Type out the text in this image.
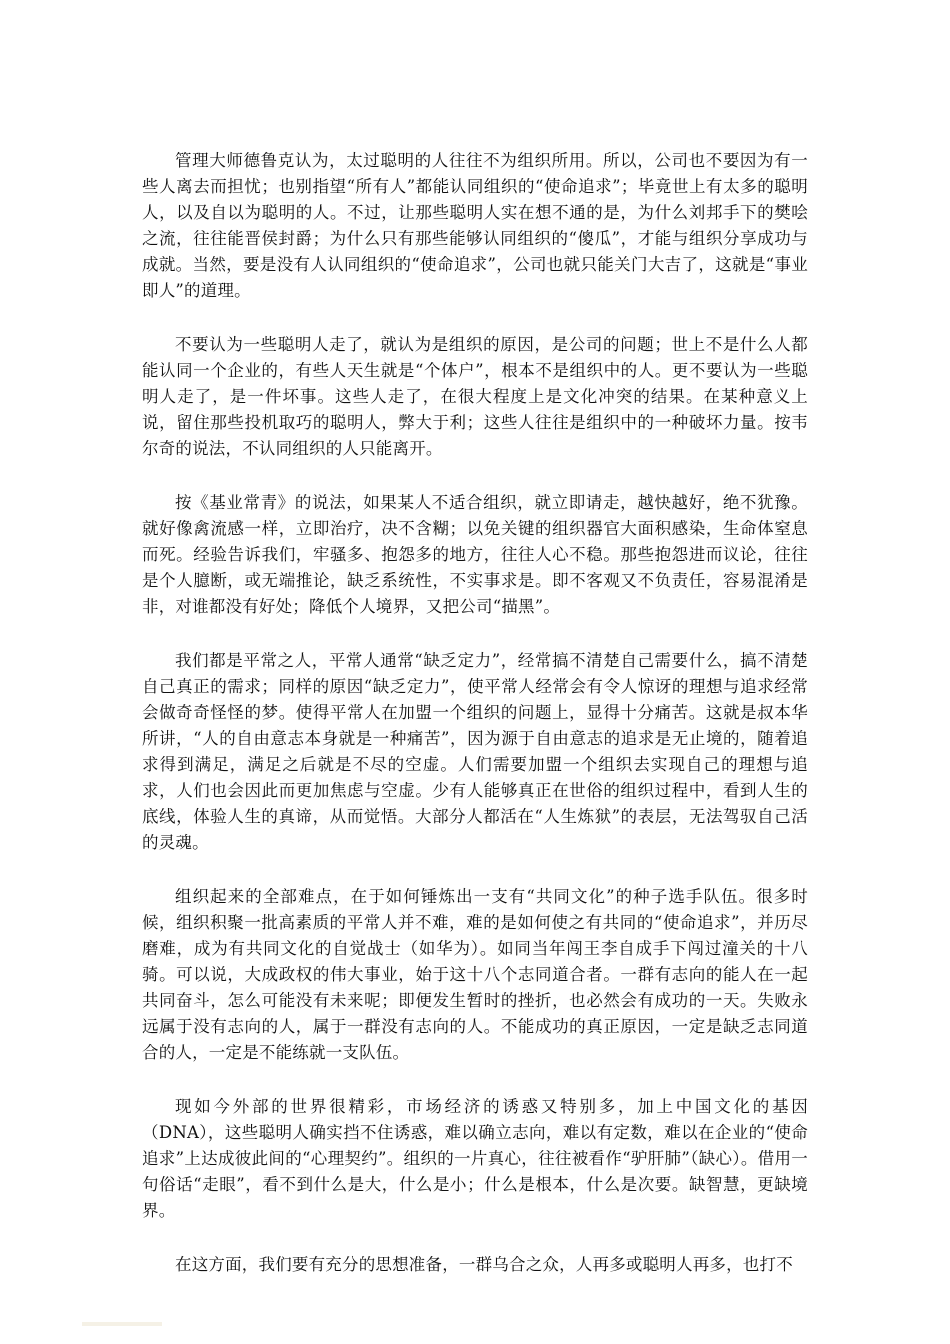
管理大师德鲁克认为，太过聪明的人往往不为组织所用。所以，公司也不要因为有一些人离去而担忧；也别指望“所有人”都能认同组织的“使命追求”；毕竟世上有太多的聪明人，以及自以为聪明的人。不过，让那些聪明人实在想不通的是，为什么刘邦手下的樊哙之流，往往能晋侯封爵；为什么只有那些能够认同组织的“傻瓜”，才能与组织分享成功与成就。当然，要是没有人认同组织的“使命追求”，公司也就只能关门大吉了，这就是“事业即人”的道理。

不要认为一些聪明人走了，就认为是组织的原因，是公司的问题；世上不是什么人都能认同一个企业的，有些人天生就是“个体户”，根本不是组织中的人。更不要认为一些聪明人走了，是一件坏事。这些人走了，在很大程度上是文化冲突的结果。在某种意义上说，留住那些投机取巧的聪明人，弊大于利；这些人往往是组织中的一种破坏力量。按韦尔奇的说法，不认同组织的人只能离开。

按《基业常青》的说法，如果某人不适合组织，就立即请走，越快越好，绝不犹豫。就好像禽流感一样，立即治疗，决不含糊；以免关键的组织器官大面积感染，生命体窒息而死。经验告诉我们，牢骚多、抱怨多的地方，往往人心不稳。那些抱怨进而议论，往往是个人臆断，或无端推论，缺乏系统性，不实事求是。即不客观又不负责任，容易混淆是非，对谁都没有好处；降低个人境界，又把公司“描黑”。

我们都是平常之人，平常人通常“缺乏定力”，经常搞不清楚自己需要什么，搞不清楚自己真正的需求；同样的原因“缺乏定力”，使平常人经常会有令人惊讶的理想与追求经常会做奇奇怪怪的梦。使得平常人在加盟一个组织的问题上，显得十分痛苦。这就是叔本华所讲，“人的自由意志本身就是一种痛苦”，因为源于自由意志的追求是无止境的，随着追求得到满足，满足之后就是不尽的空虚。人们需要加盟一个组织去实现自己的理想与追求，人们也会因此而更加焦虑与空虚。少有人能够真正在世俗的组织过程中，看到人生的底线，体验人生的真谛，从而觉悟。大部分人都活在“人生炼狱”的表层，无法驾驭自己活的灵魂。

组织起来的全部难点，在于如何锤炼出一支有“共同文化”的种子选手队伍。很多时候，组织积聚一批高素质的平常人并不难，难的是如何使之有共同的“使命追求”，并历尽磨难，成为有共同文化的自觉战士（如华为）。如同当年闯王李自成手下闯过潼关的十八骑。可以说，大成政权的伟大事业，始于这十八个志同道合者。一群有志向的能人在一起共同奋斗，怎么可能没有未来呢；即便发生暂时的挫折，也必然会有成功的一天。失败永远属于没有志向的人，属于一群没有志向的人。不能成功的真正原因，一定是缺乏志同道合的人，一定是不能练就一支队伍。

现如今外部的世界很精彩，市场经济的诱惑又特别多，加上中国文化的基因（DNA），这些聪明人确实挡不住诱惑，难以确立志向，难以有定数，难以在企业的“使命追求”上达成彼此间的“心理契约”。组织的一片真心，往往被看作“驴肝肺”（缺心）。借用一句俗话“走眼”，看不到什么是大，什么是小；什么是根本，什么是次要。缺智慧，更缺境界。

在这方面，我们要有充分的思想准备，一群乌合之众，人再多或聪明人再多，也打不
